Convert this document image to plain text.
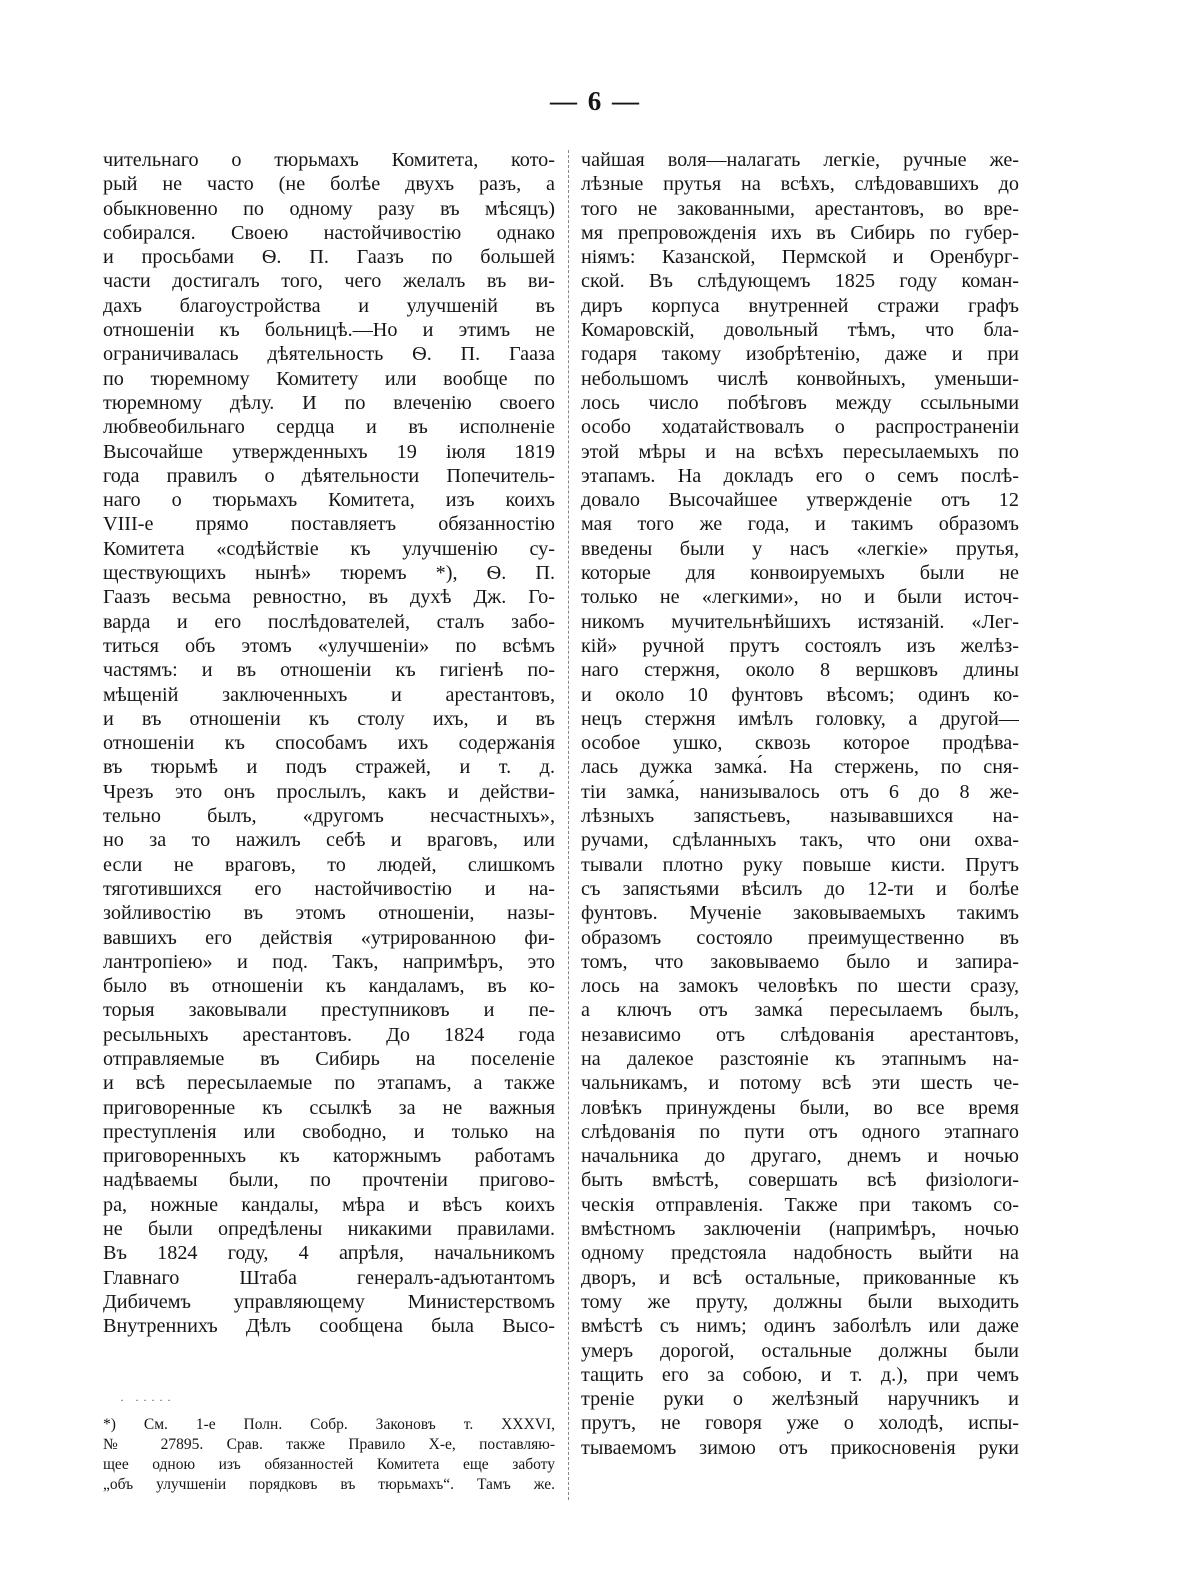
— 6 —
чительнаго о тюрьмахъ Комитета, кото-
рый не часто (не болѣе двухъ разъ, а
обыкновенно по одному разу въ мѣсяцъ)
собирался. Своею настойчивостію однако
и просьбами Ѳ. П. Гаазъ по большей
части достигалъ того, чего желалъ въ ви-
дахъ благоустройства и улучшеній въ
отношеніи къ больницѣ.—Но и этимъ не
ограничивалась дѣятельность Ѳ. П. Гааза
по тюремному Комитету или вообще по
тюремному дѣлу. И по влеченію своего
любвеобильнаго сердца и въ исполненіе
Высочайше утвержденныхъ 19 іюля 1819
года правилъ о дѣятельности Попечитель-
наго о тюрьмахъ Комитета, изъ коихъ
VIII-е прямо поставляетъ обязанностію
Комитета «содѣйствіе къ улучшенію су-
ществующихъ нынѣ» тюремъ *), Ѳ. П.
Гаазъ весьма ревностно, въ духѣ Дж. Го-
варда и его послѣдователей, сталъ забо-
титься объ этомъ «улучшеніи» по всѣмъ
частямъ: и въ отношеніи къ гигіенѣ по-
мѣщеній заключенныхъ и арестантовъ,
и въ отношеніи къ столу ихъ, и въ
отношеніи къ способамъ ихъ содержанія
въ тюрьмѣ и подъ стражей, и т. д.
Чрезъ это онъ прослылъ, какъ и действи-
тельно былъ, «другомъ несчастныхъ»,
но за то нажилъ себѣ и враговъ, или
если не враговъ, то людей, слишкомъ
тяготившихся его настойчивостію и на-
зойливостію въ этомъ отношеніи, назы-
вавшихъ его действія «утрированною фи-
лантропіею» и под. Такъ, напримѣръ, это
было въ отношеніи къ кандаламъ, въ ко-
торыя заковывали преступниковъ и пе-
ресыльныхъ арестантовъ. До 1824 года
отправляемые въ Сибирь на поселеніе
и всѣ пересылаемые по этапамъ, а также
приговоренные къ ссылкѣ за не важныя
преступленія или свободно, и только на
приговоренныхъ къ каторжнымъ работамъ
надѣваемы были, по прочтеніи пригово-
ра, ножные кандалы, мѣра и вѣсъ коихъ
не были опредѣлены никакими правилами.
Въ 1824 году, 4 апрѣля, начальникомъ
Главнаго Штаба генералъ-адъютантомъ
Дибичемъ управляющему Министерствомъ
Внутреннихъ Дѣлъ сообщена была Высо-
чайшая воля—налагать легкіе, ручные же-
лѣзные прутья на всѣхъ, слѣдовавшихъ до
того не закованными, арестантовъ, во вре-
мя препровожденія ихъ въ Сибирь по губер-
ніямъ: Казанской, Пермской и Оренбург-
ской. Въ слѣдующемъ 1825 году коман-
диръ корпуса внутренней стражи графъ
Комаровскій, довольный тѣмъ, что бла-
годаря такому изобрѣтенію, даже и при
небольшомъ числѣ конвойныхъ, уменьши-
лось число побѣговъ между ссыльными
особо ходатайствовалъ о распространеніи
этой мѣры и на всѣхъ пересылаемыхъ по
этапамъ. На докладъ его о семъ послѣ-
довало Высочайшее утвержденіе отъ 12
мая того же года, и такимъ образомъ
введены были у насъ «легкіе» прутья,
которые для конвоируемыхъ были не
только не «легкими», но и были источ-
никомъ мучительнѣйшихъ истязаній. «Лег-
кій» ручной прутъ состоялъ изъ желѣз-
наго стержня, около 8 вершковъ длины
и около 10 фунтовъ вѣсомъ; одинъ ко-
нецъ стержня имѣлъ головку, а другой—
особое ушко, сквозь которое продѣва-
лась дужка замка́. На стержень, по сня-
тіи замка́, нанизывалось отъ 6 до 8 же-
лѣзныхъ запястьевъ, называвшихся на-
ручами, сдѣланныхъ такъ, что они охва-
тывали плотно руку повыше кисти. Прутъ
съ запястьями вѣсилъ до 12-ти и болѣе
фунтовъ. Мученіе заковываемыхъ такимъ
образомъ состояло преимущественно въ
томъ, что заковываемо было и запира-
лось на замокъ человѣкъ по шести сразу,
а ключъ отъ замка́ пересылаемъ былъ,
независимо отъ слѣдованія арестантовъ,
на далекое разстояніе къ этапнымъ на-
чальникамъ, и потому всѣ эти шесть че-
ловѣкъ принуждены были, во все время
слѣдованія по пути отъ одного этапнаго
начальника до другаго, днемъ и ночью
быть вмѣстѣ, совершать всѣ физіологи-
ческія отправленія. Также при такомъ со-
вмѣстномъ заключеніи (напримѣръ, ночью
одному предстояла надобность выйти на
дворъ, и всѣ остальные, прикованные къ
тому же пруту, должны были выходить
вмѣстѣ съ нимъ; одинъ заболѣлъ или даже
умеръ дорогой, остальные должны были
тащить его за собою, и т. д.), при чемъ
треніе руки о желѣзный наручникъ и
прутъ, не говоря уже о холодѣ, испы-
тываемомъ зимою отъ прикосновенія руки

· ·····

*) См. 1-е Полн. Собр. Законовъ т. XXXVI,
№ 27895. Срав. также Правило X-е, поставляю-
щее одною изъ обязанностей Комитета еще заботу
„объ улучшеніи порядковъ въ тюрьмахъ“. Тамъ же.
